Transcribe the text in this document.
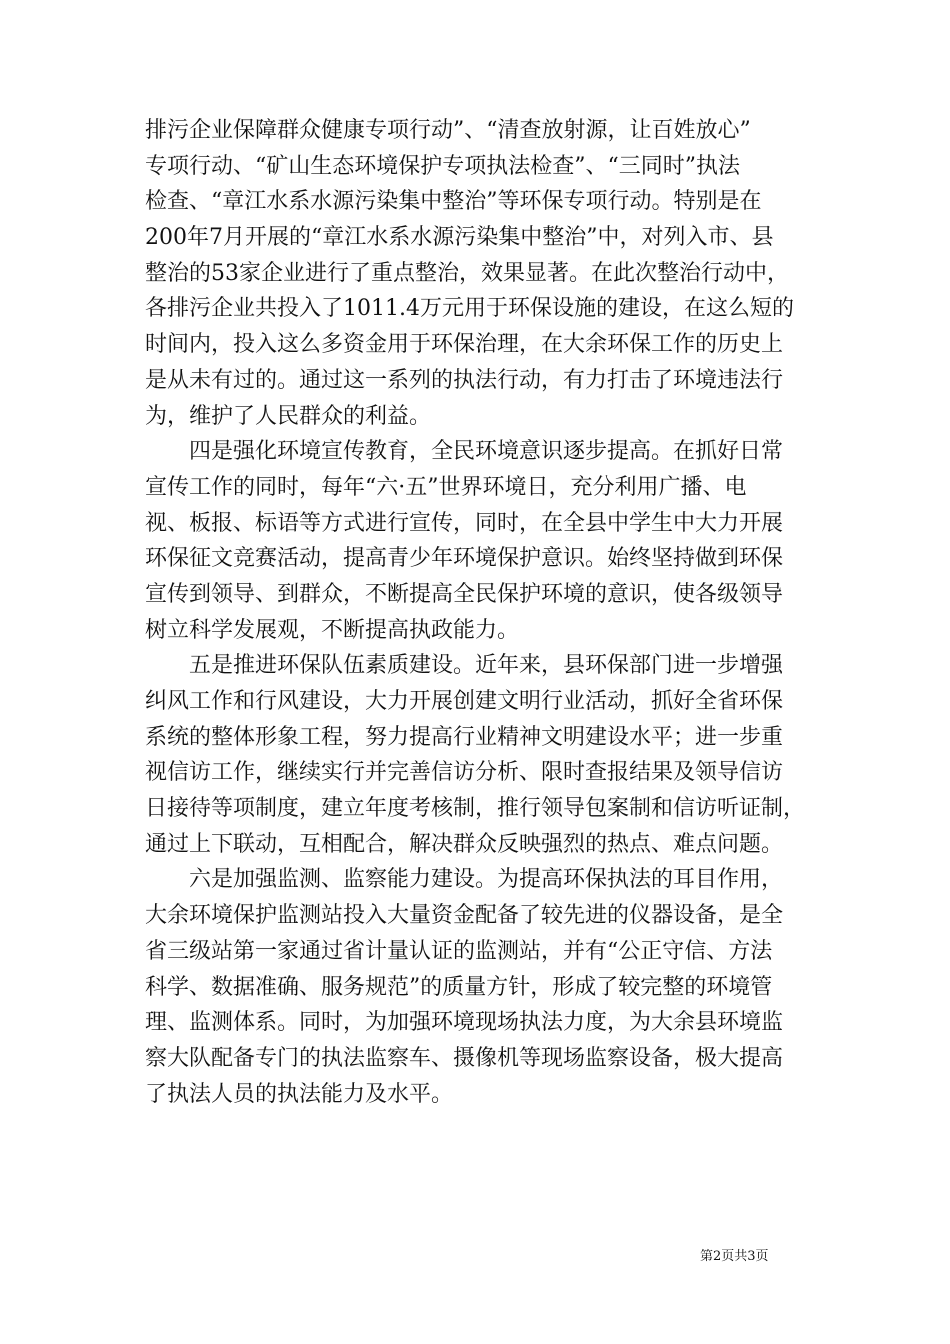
排污企业保障群众健康专项行动”、“清查放射源，让百姓放心”
专项行动、“矿山生态环境保护专项执法检查”、“三同时”执法
检查、“章江水系水源污染集中整治”等环保专项行动。特别是在
200年7月开展的“章江水系水源污染集中整治”中，对列入市、县
整治的53家企业进行了重点整治，效果显著。在此次整治行动中，
各排污企业共投入了1011.4万元用于环保设施的建设，在这么短的
时间内，投入这么多资金用于环保治理，在大余环保工作的历史上
是从未有过的。通过这一系列的执法行动，有力打击了环境违法行
为，维护了人民群众的利益。
四是强化环境宣传教育，全民环境意识逐步提高。在抓好日常
宣传工作的同时，每年“六·五”世界环境日，充分利用广播、电
视、板报、标语等方式进行宣传，同时，在全县中学生中大力开展
环保征文竞赛活动，提高青少年环境保护意识。始终坚持做到环保
宣传到领导、到群众，不断提高全民保护环境的意识，使各级领导
树立科学发展观，不断提高执政能力。
五是推进环保队伍素质建设。近年来，县环保部门进一步增强
纠风工作和行风建设，大力开展创建文明行业活动，抓好全省环保
系统的整体形象工程，努力提高行业精神文明建设水平；进一步重
视信访工作，继续实行并完善信访分析、限时查报结果及领导信访
日接待等项制度，建立年度考核制，推行领导包案制和信访听证制，
通过上下联动，互相配合，解决群众反映强烈的热点、难点问题。
六是加强监测、监察能力建设。为提高环保执法的耳目作用，
大余环境保护监测站投入大量资金配备了较先进的仪器设备，是全
省三级站第一家通过省计量认证的监测站，并有“公正守信、方法
科学、数据准确、服务规范”的质量方针，形成了较完整的环境管
理、监测体系。同时，为加强环境现场执法力度，为大余县环境监
察大队配备专门的执法监察车、摄像机等现场监察设备，极大提高
了执法人员的执法能力及水平。
第2页共3页
